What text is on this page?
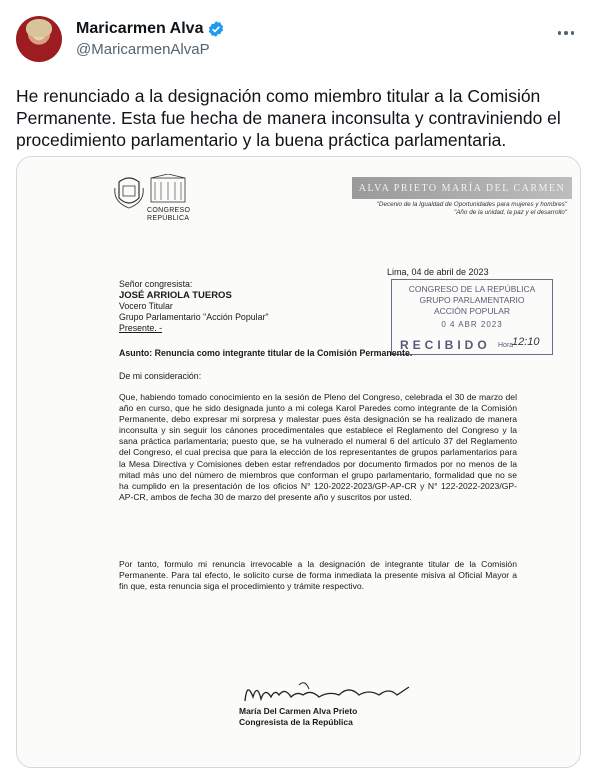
Maricarmen Alva
@MaricarmenAlvaP
He renunciado a la designación como miembro titular a la Comisión Permanente. Esta fue hecha de manera inconsulta y contraviniendo el procedimiento parlamentario y la buena práctica parlamentaria.
CONGRESO
REPÚBLICA
ALVA PRIETO MARÍA DEL CARMEN
"Decenio de la Igualdad de Oportunidades para mujeres y hombres"
"Año de la unidad, la paz y el desarrollo"
Lima, 04 de abril de 2023
CONGRESO DE LA REPÚBLICA
GRUPO PARLAMENTARIO
ACCIÓN POPULAR
0 4 ABR 2023
RECIBIDO Hora
12:10
Señor congresista:
JOSÉ ARRIOLA TUEROS
Vocero Titular
Grupo Parlamentario "Acción Popular"
Presente. -
Asunto: Renuncia como integrante titular de la Comisión Permanente.
De mi consideración:
Que, habiendo tomado conocimiento en la sesión de Pleno del Congreso, celebrada el 30 de marzo del año en curso, que he sido designada junto a mi colega Karol Paredes como integrante de la Comisión Permanente, debo expresar mi sorpresa y malestar pues ésta designación se ha realizado de manera inconsulta y sin seguir los cánones procedimentales que establece el Reglamento del Congreso y la sana práctica parlamentaria; puesto que, se ha vulnerado el numeral 6 del artículo 37 del Reglamento del Congreso, el cual precisa que para la elección de los representantes de grupos parlamentarios para la Mesa Directiva y Comisiones deben estar refrendados por documento firmados por no menos de la mitad más uno del número de miembros que conforman el grupo parlamentario, formalidad que no se ha cumplido en la presentación de los oficios N° 120-2022-2023/GP-AP-CR y N° 122-2022-2023/GP-AP-CR, ambos de fecha 30 de marzo del presente año y suscritos por usted.
Por tanto, formulo mi renuncia irrevocable a la designación de integrante titular de la Comisión Permanente. Para tal efecto, le solicito curse de forma inmediata la presente misiva al Oficial Mayor a fin que, esta renuncia siga el procedimiento y trámite respectivo.
María Del Carmen Alva Prieto
Congresista de la República
